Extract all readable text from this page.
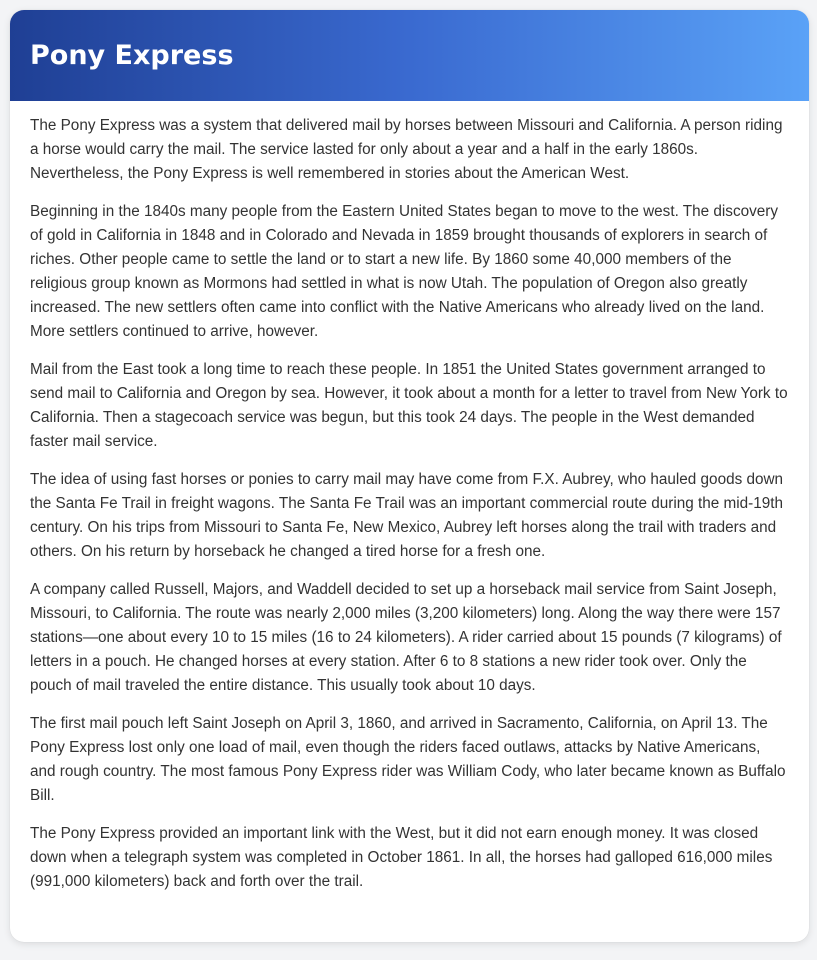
Pony Express

The Pony Express was a system that delivered mail by horses between Missouri and California. A person riding a horse would carry the mail. The service lasted for only about a year and a half in the early 1860s. Nevertheless, the Pony Express is well remembered in stories about the American West.

Beginning in the 1840s many people from the Eastern United States began to move to the west. The discovery of gold in California in 1848 and in Colorado and Nevada in 1859 brought thousands of explorers in search of riches. Other people came to settle the land or to start a new life. By 1860 some 40,000 members of the religious group known as Mormons had settled in what is now Utah. The population of Oregon also greatly increased. The new settlers often came into conflict with the Native Americans who already lived on the land. More settlers continued to arrive, however.

Mail from the East took a long time to reach these people. In 1851 the United States government arranged to send mail to California and Oregon by sea. However, it took about a month for a letter to travel from New York to California. Then a stagecoach service was begun, but this took 24 days. The people in the West demanded faster mail service.

The idea of using fast horses or ponies to carry mail may have come from F.X. Aubrey, who hauled goods down the Santa Fe Trail in freight wagons. The Santa Fe Trail was an important commercial route during the mid-19th century. On his trips from Missouri to Santa Fe, New Mexico, Aubrey left horses along the trail with traders and others. On his return by horseback he changed a tired horse for a fresh one.

A company called Russell, Majors, and Waddell decided to set up a horseback mail service from Saint Joseph, Missouri, to California. The route was nearly 2,000 miles (3,200 kilometers) long. Along the way there were 157 stations—one about every 10 to 15 miles (16 to 24 kilometers). A rider carried about 15 pounds (7 kilograms) of letters in a pouch. He changed horses at every station. After 6 to 8 stations a new rider took over. Only the pouch of mail traveled the entire distance. This usually took about 10 days.

The first mail pouch left Saint Joseph on April 3, 1860, and arrived in Sacramento, California, on April 13. The Pony Express lost only one load of mail, even though the riders faced outlaws, attacks by Native Americans, and rough country. The most famous Pony Express rider was William Cody, who later became known as Buffalo Bill.

The Pony Express provided an important link with the West, but it did not earn enough money. It was closed down when a telegraph system was completed in October 1861. In all, the horses had galloped 616,000 miles (991,000 kilometers) back and forth over the trail.
